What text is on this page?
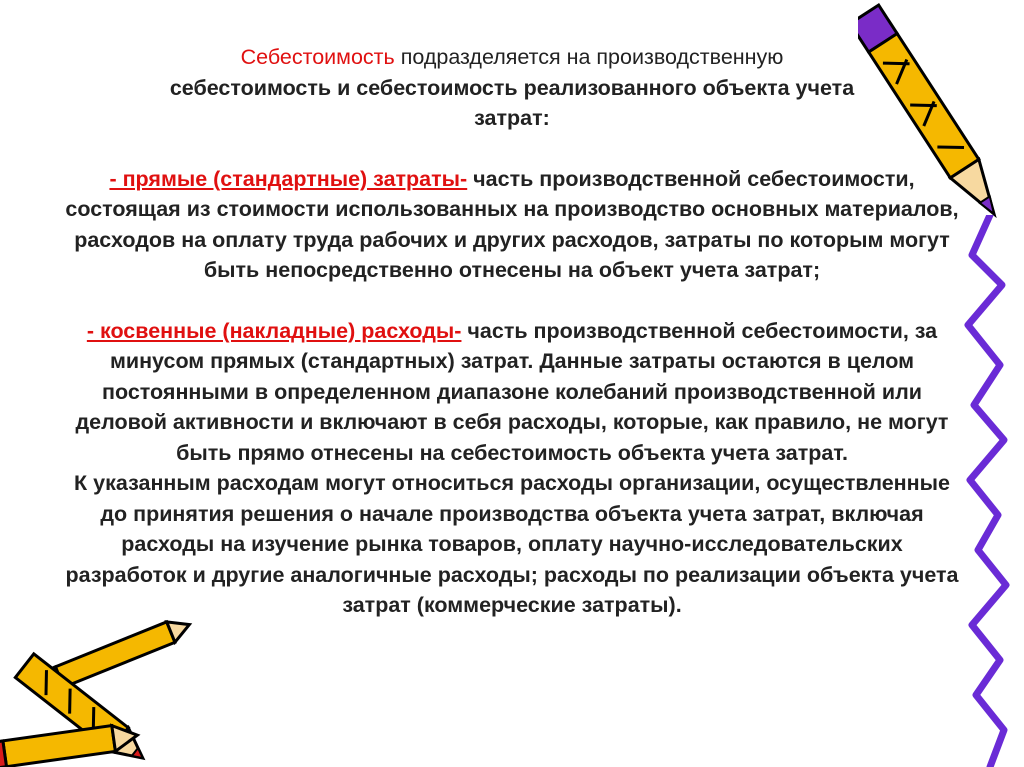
Себестоимость подразделяется на производственную
себестоимость и себестоимость реализованного объекта учета
затрат:

- прямые (стандартные) затраты- часть производственной себестоимости, состоящая из стоимости использованных на производство основных материалов, расходов на оплату труда рабочих и других расходов, затраты по которым могут быть непосредственно отнесены на объект учета затрат;

- косвенные (накладные) расходы- часть производственной себестоимости, за минусом прямых (стандартных) затрат. Данные затраты остаются в целом постоянными в определенном диапазоне колебаний производственной или деловой активности и включают в себя расходы, которые, как правило, не могут быть прямо отнесены на себестоимость объекта учета затрат.

К указанным расходам могут относиться расходы организации, осуществленные до принятия решения о начале производства объекта учета затрат, включая расходы на изучение рынка товаров, оплату научно-исследовательских разработок и другие аналогичные расходы; расходы по реализации объекта учета затрат (коммерческие затраты).
